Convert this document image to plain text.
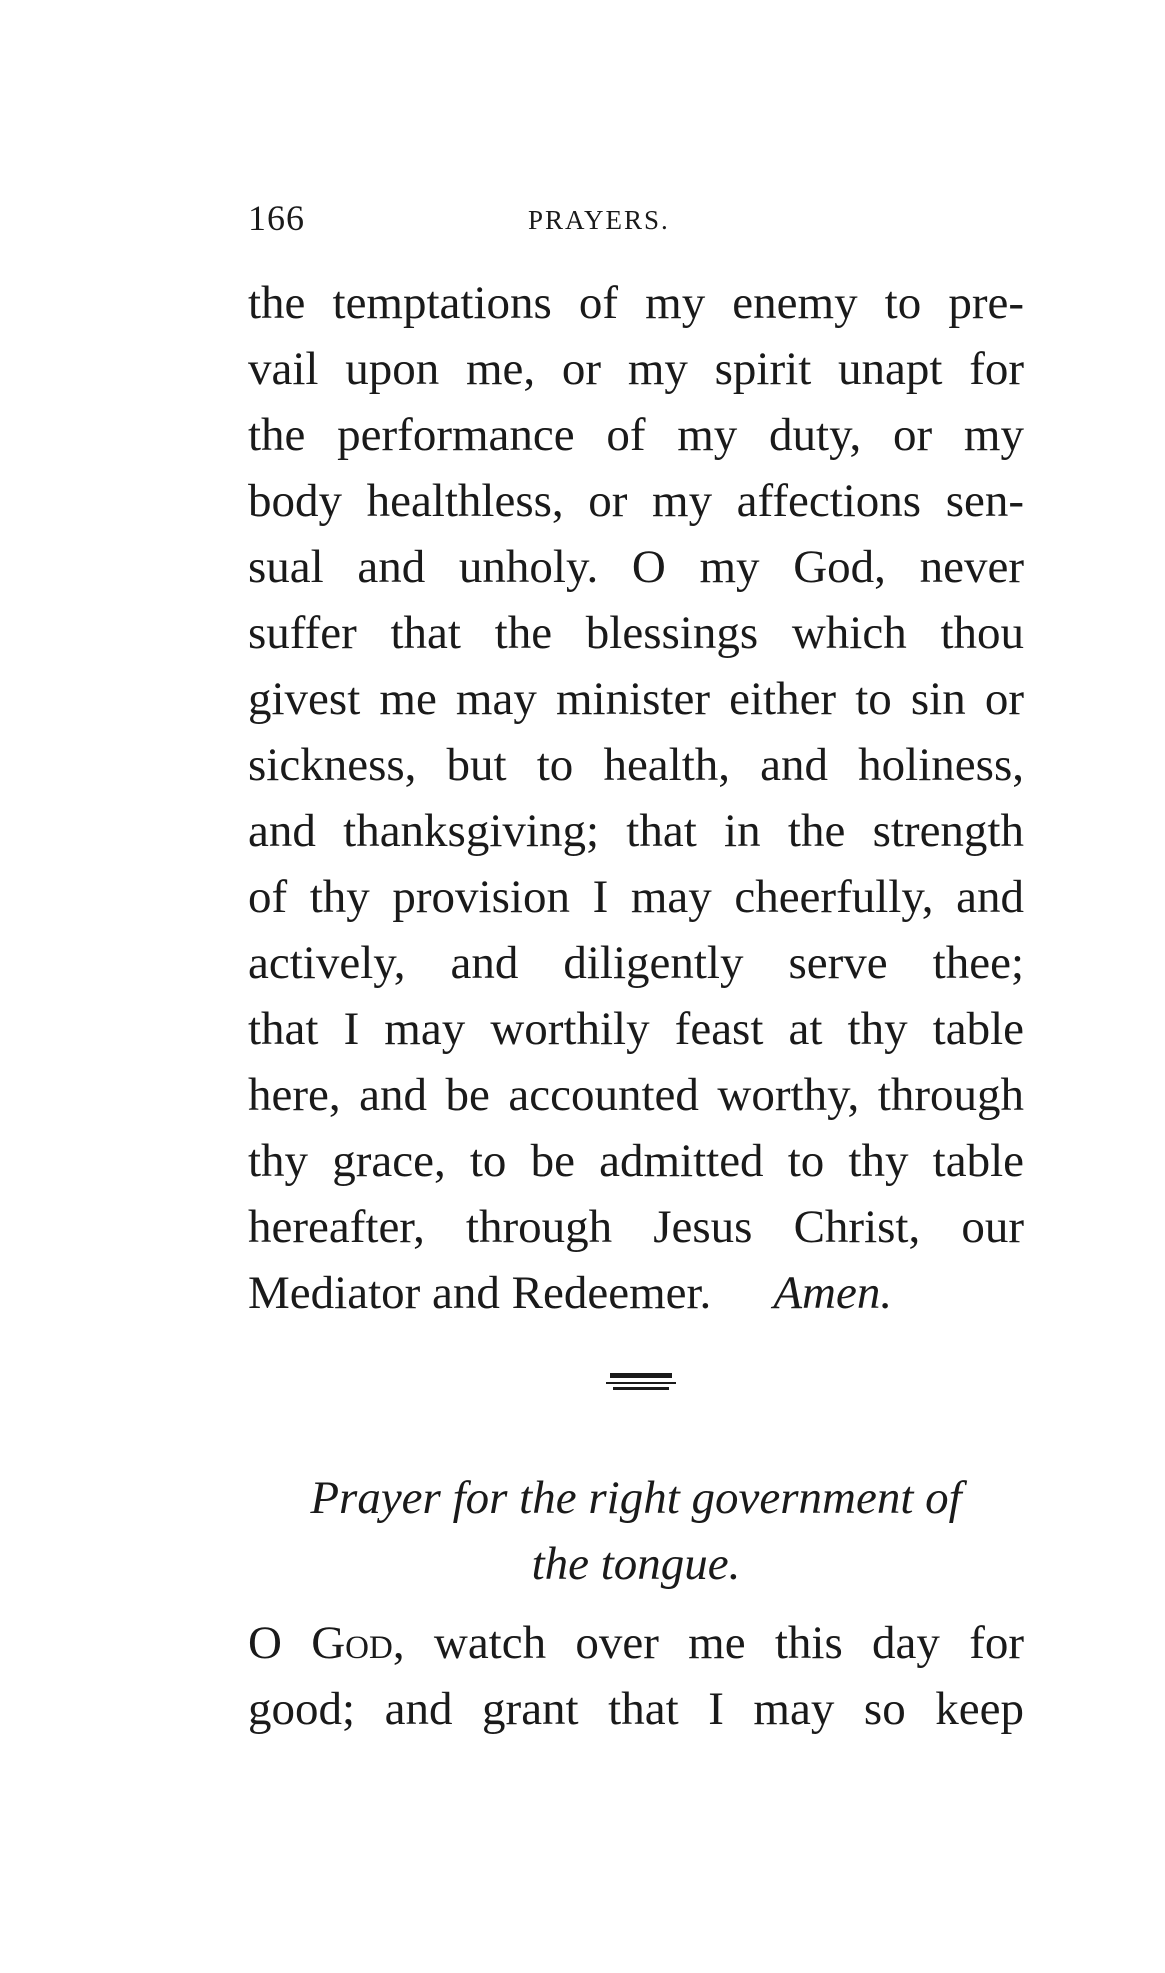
166	PRAYERS.
the temptations of my enemy to pre-
vail upon me, or my spirit unapt for
the performance of my duty, or my
body healthless, or my affections sen-
sual and unholy. O my God, never
suffer that the blessings which thou
givest me may minister either to sin or
sickness, but to health, and holiness,
and thanksgiving; that in the strength
of thy provision I may cheerfully, and
actively, and diligently serve thee;
that I may worthily feast at thy table
here, and be accounted worthy, through
thy grace, to be admitted to thy table
hereafter, through Jesus Christ, our
Mediator and Redeemer. Amen.
Prayer for the right government of
the tongue.
O God, watch over me this day for
good; and grant that I may so keep
